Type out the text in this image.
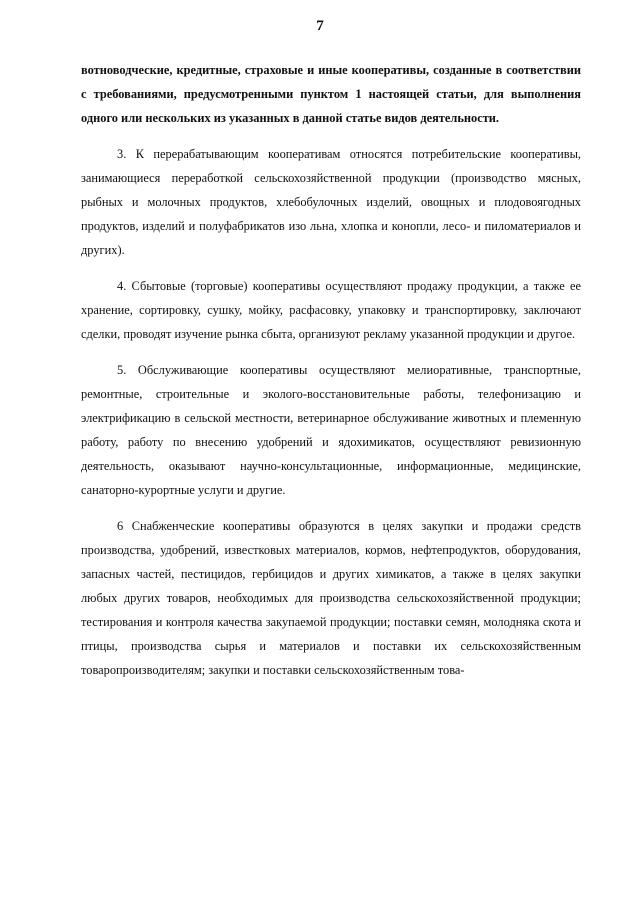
7

вотноводческие, кредитные, страховые и иные кооперативы, созданные в соответствии с требованиями, предусмотренными пунктом 1 настоящей статьи, для выполнения одного или нескольких из указанных в данной статье видов деятельности.

3. К перерабатывающим кооперативам относятся потребительские кооперативы, занимающиеся переработкой сельскохозяйственной продукции (производство мясных, рыбных и молочных продуктов, хлебобулочных изделий, овощных и плодовоягодных продуктов, изделий и полуфабрикатов изо льна, хлопка и конопли, лесо- и пиломатериалов и других).

4. Сбытовые (торговые) кооперативы осуществляют продажу продукции, а также ее хранение, сортировку, сушку, мойку, расфасовку, упаковку и транспортировку, заключают сделки, проводят изучение рынка сбыта, организуют рекламу указанной продукции и другое.

5. Обслуживающие кооперативы осуществляют мелиоративные, транспортные, ремонтные, строительные и эколого-восстановительные работы, телефонизацию и электрификацию в сельской местности, ветеринарное обслуживание животных и племенную работу, работу по внесению удобрений и ядохимикатов, осуществляют ревизионную деятельность, оказывают научно-консультационные, информационные, медицинские, санаторно-курортные услуги и другие.

6 Снабженческие кооперативы образуются в целях закупки и продажи средств производства, удобрений, известковых материалов, кормов, нефтепродуктов, оборудования, запасных частей, пестицидов, гербицидов и других химикатов, а также в целях закупки любых других товаров, необходимых для производства сельскохозяйственной продукции; тестирования и контроля качества закупаемой продукции; поставки семян, молодняка скота и птицы, производства сырья и материалов и поставки их сельскохозяйственным товаропроизводителям; закупки и поставки сельскохозяйственным това-
